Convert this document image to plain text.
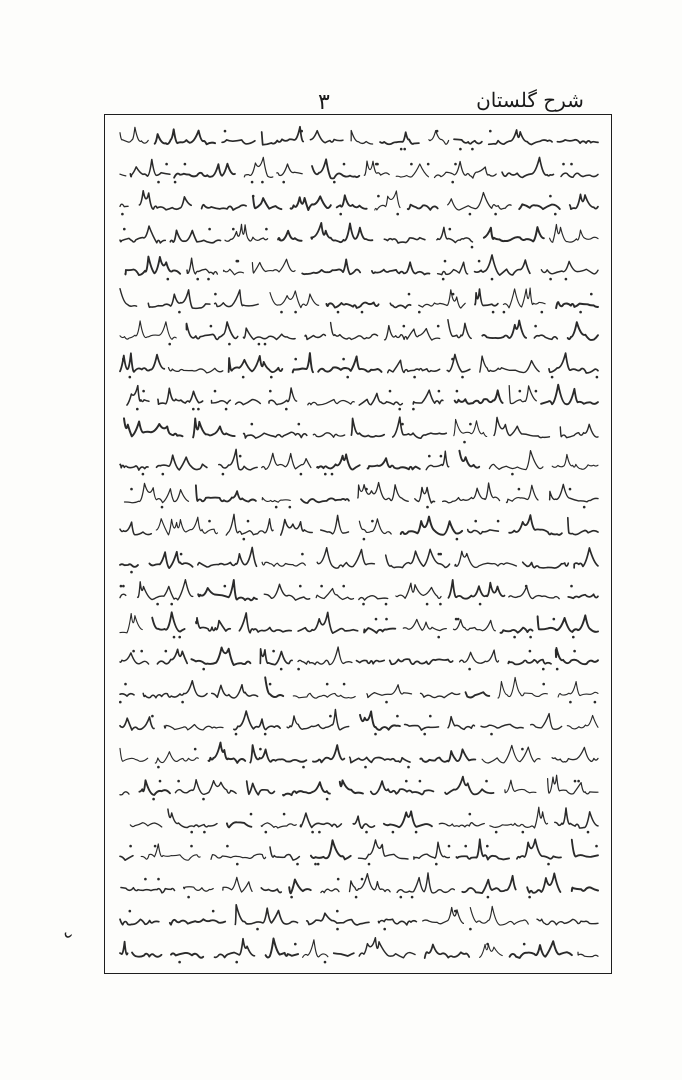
شرح گلستان
۳
د
